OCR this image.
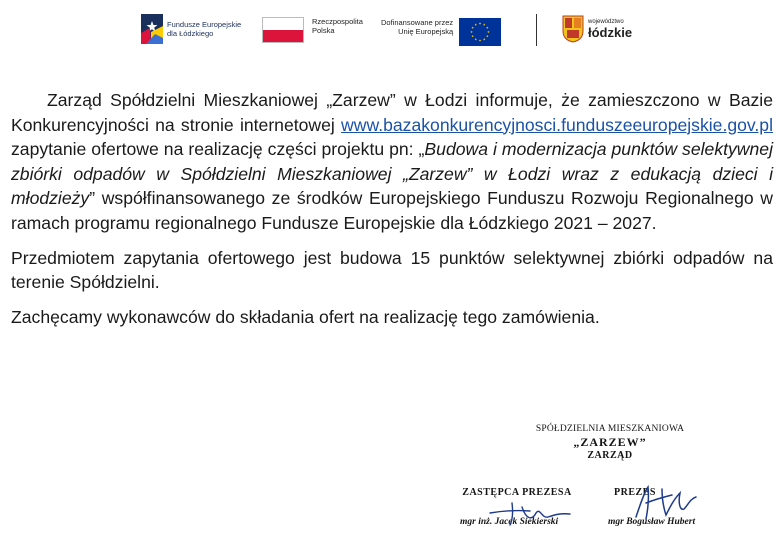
Fundusze Europejskie
dla Łódzkiego
Rzeczpospolita
Polska
Dofinansowane przez
Unię Europejską
województwo
łódzkie

Zarząd Spółdzielni Mieszkaniowej „Zarzew” w Łodzi informuje, że zamieszczono w Bazie Konkurencyjności na stronie internetowej www.bazakonkurencyjnosci.funduszeeuropejskie.gov.pl zapytanie ofertowe na realizację części projektu pn: „Budowa i modernizacja punktów selektywnej zbiórki odpadów w Spółdzielni Mieszkaniowej „Zarzew” w Łodzi wraz z edukacją dzieci i młodzieży” współfinansowanego ze środków Europejskiego Funduszu Rozwoju Regionalnego w ramach programu regionalnego Fundusze Europejskie dla Łódzkiego 2021 – 2027.

Przedmiotem zapytania ofertowego jest budowa 15 punktów selektywnej zbiórki odpadów na terenie Spółdzielni.

Zachęcamy wykonawców do składania ofert na realizację tego zamówienia.

SPÓŁDZIELNIA MIESZKANIOWA
„ZARZEW”
ZARZĄD
ZASTĘPCA PREZESA
mgr inż. Jacek Siekierski
PREZES
mgr Bogusław Hubert
